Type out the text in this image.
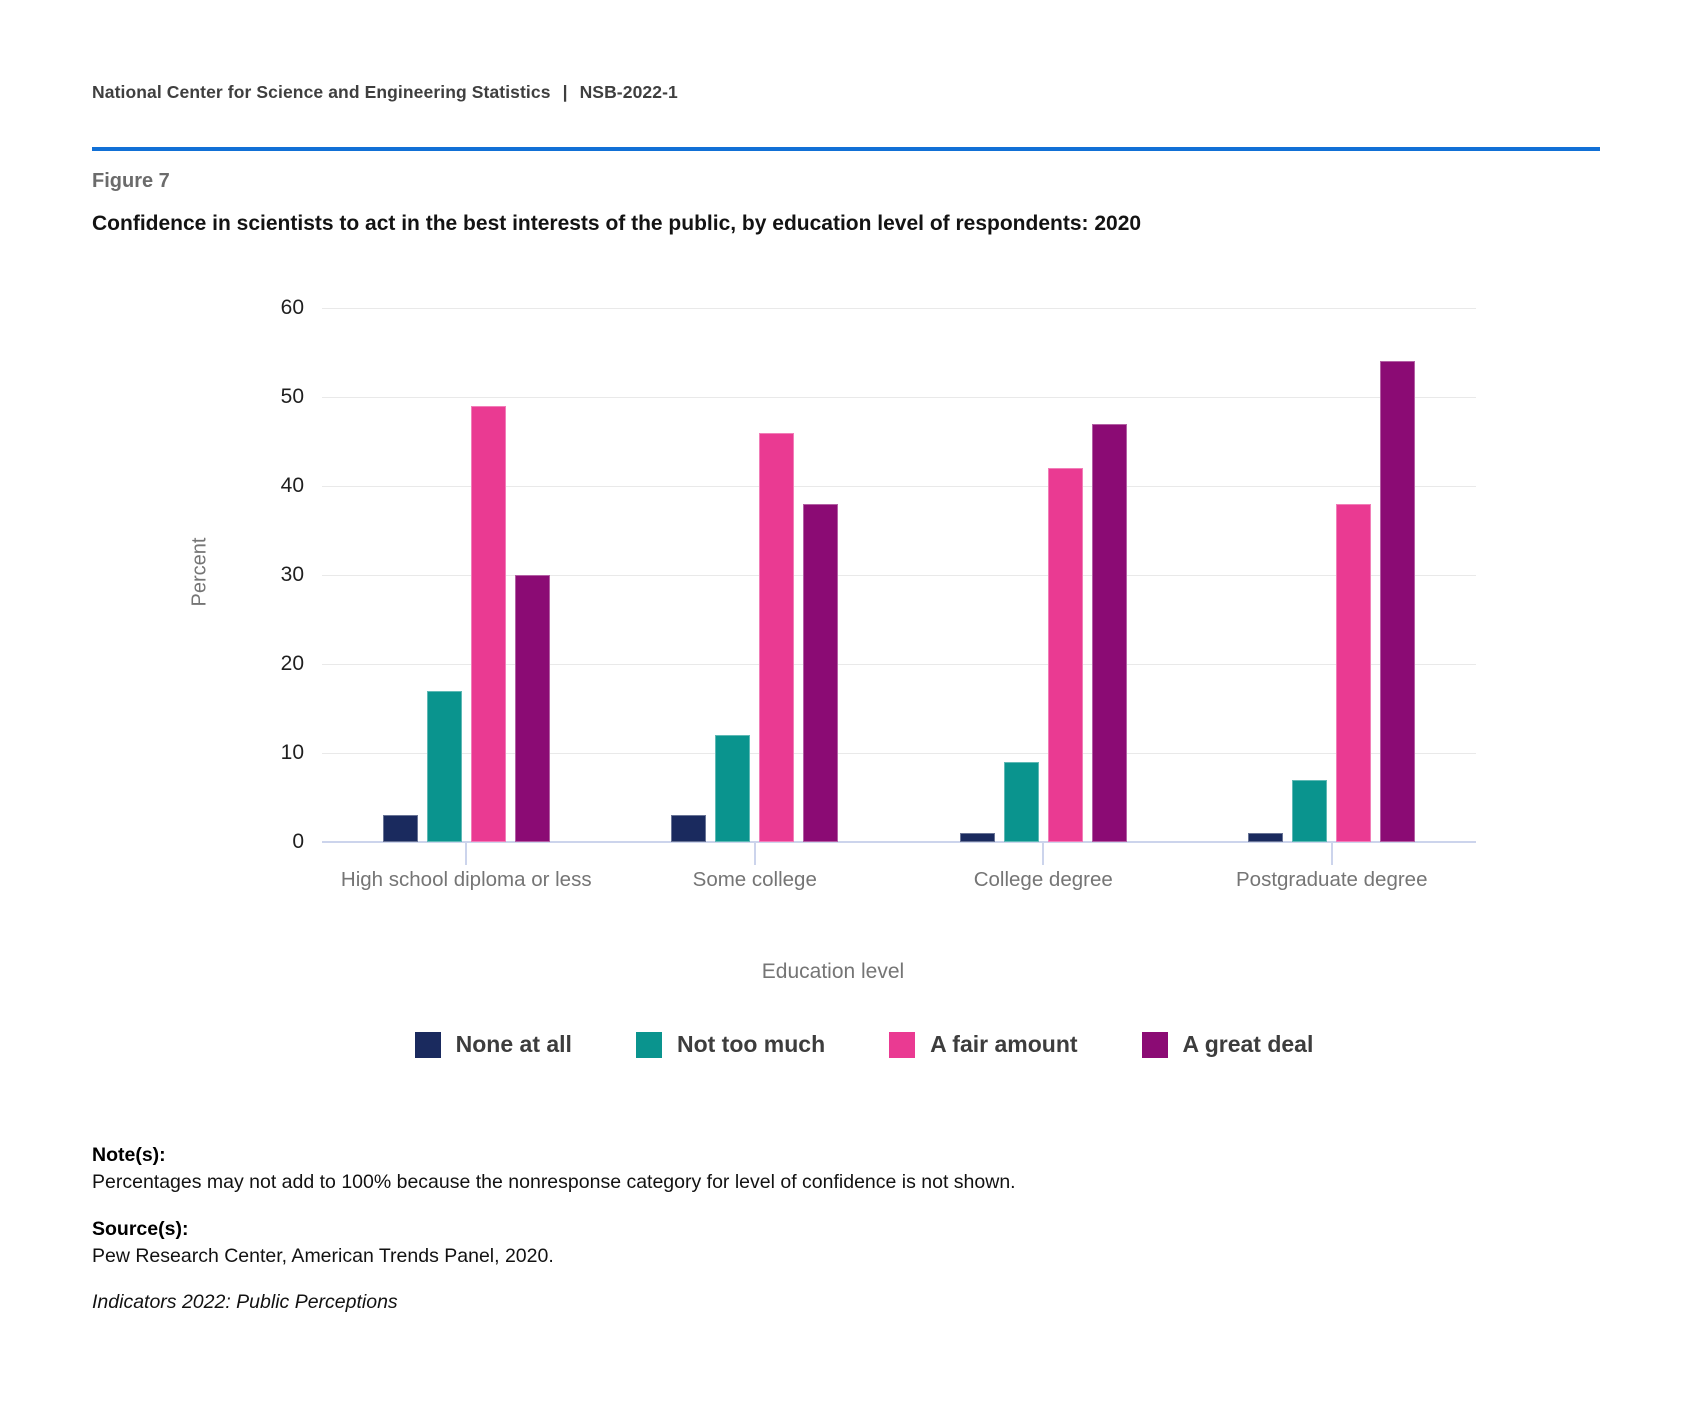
National Center for Science and Engineering Statistics | NSB-2022-1
Figure 7
Confidence in scientists to act in the best interests of the public, by education level of respondents: 2020
Percent
0
10
20
30
40
50
60
High school diploma or less	Some college	College degree	Postgraduate degree
Education level
None at all	Not too much	A fair amount	A great deal
Note(s):
Percentages may not add to 100% because the nonresponse category for level of confidence is not shown.
Source(s):
Pew Research Center, American Trends Panel, 2020.
Indicators 2022: Public Perceptions
